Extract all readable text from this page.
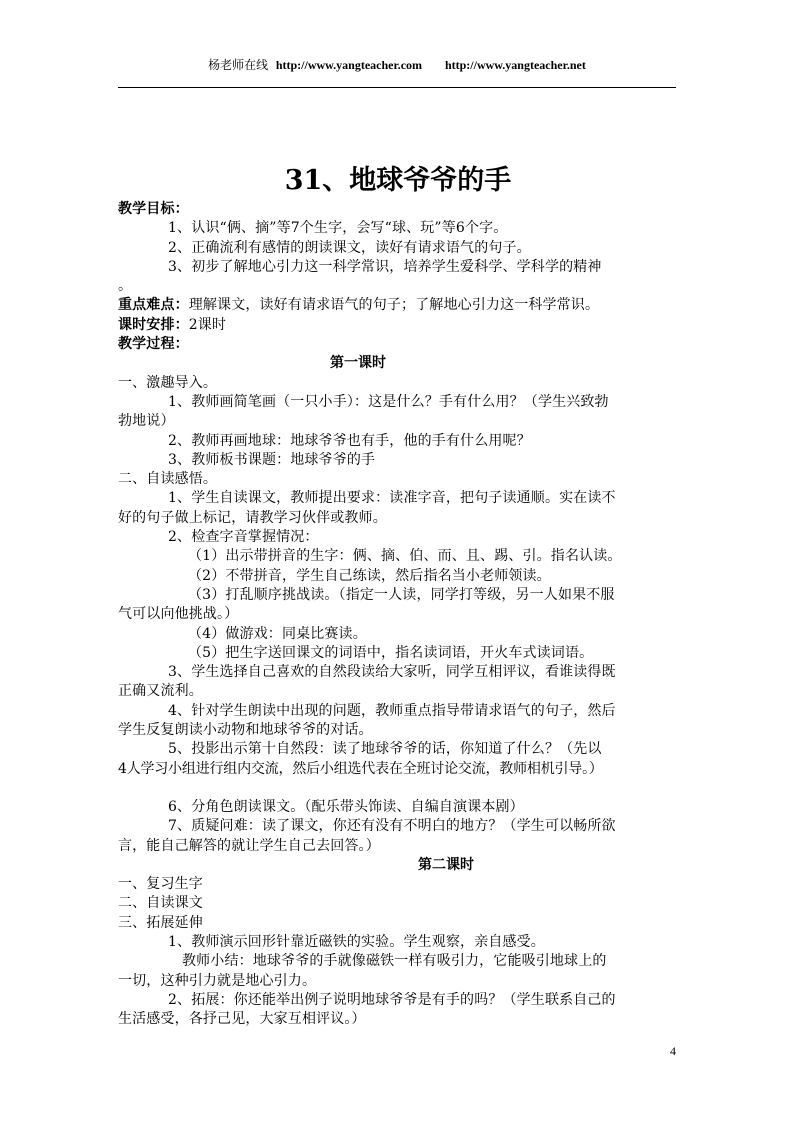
杨老师在线 http://www.yangteacher.com http://www.yangteacher.net
31、地球爷爷的手
教学目标：
1、认识“俩、摘”等7个生字，会写“球、玩”等6个字。
2、正确流利有感情的朗读课文，读好有请求语气的句子。
3、初步了解地心引力这一科学常识，培养学生爱科学、学科学的精神
。
重点难点：理解课文，读好有请求语气的句子；了解地心引力这一科学常识。
课时安排：2课时
教学过程：
第一课时
一、激趣导入。
1、教师画简笔画（一只小手）：这是什么？手有什么用？（学生兴致勃
勃地说）
2、教师再画地球：地球爷爷也有手，他的手有什么用呢？
3、教师板书课题：地球爷爷的手
二、自读感悟。
1、学生自读课文，教师提出要求：读准字音，把句子读通顺。实在读不
好的句子做上标记，请教学习伙伴或教师。
2、检查字音掌握情况：
（1）出示带拼音的生字：俩、摘、伯、而、且、踢、引。指名认读。
（2）不带拼音，学生自己练读，然后指名当小老师领读。
（3）打乱顺序挑战读。（指定一人读，同学打等级，另一人如果不服
气可以向他挑战。）
（4）做游戏：同桌比赛读。
（5）把生字送回课文的词语中，指名读词语，开火车式读词语。
3、学生选择自己喜欢的自然段读给大家听，同学互相评议，看谁读得既
正确又流利。
4、针对学生朗读中出现的问题，教师重点指导带请求语气的句子，然后
学生反复朗读小动物和地球爷爷的对话。
5、投影出示第十自然段：读了地球爷爷的话，你知道了什么？（先以
4人学习小组进行组内交流，然后小组选代表在全班讨论交流，教师相机引导。）
6、分角色朗读课文。（配乐带头饰读、自编自演课本剧）
7、质疑问难：读了课文，你还有没有不明白的地方？（学生可以畅所欲
言，能自己解答的就让学生自己去回答。）
第二课时
一、复习生字
二、自读课文
三、拓展延伸
1、教师演示回形针靠近磁铁的实验。学生观察，亲自感受。
教师小结：地球爷爷的手就像磁铁一样有吸引力，它能吸引地球上的
一切，这种引力就是地心引力。
2、拓展：你还能举出例子说明地球爷爷是有手的吗？（学生联系自己的
生活感受，各抒己见，大家互相评议。）
4
